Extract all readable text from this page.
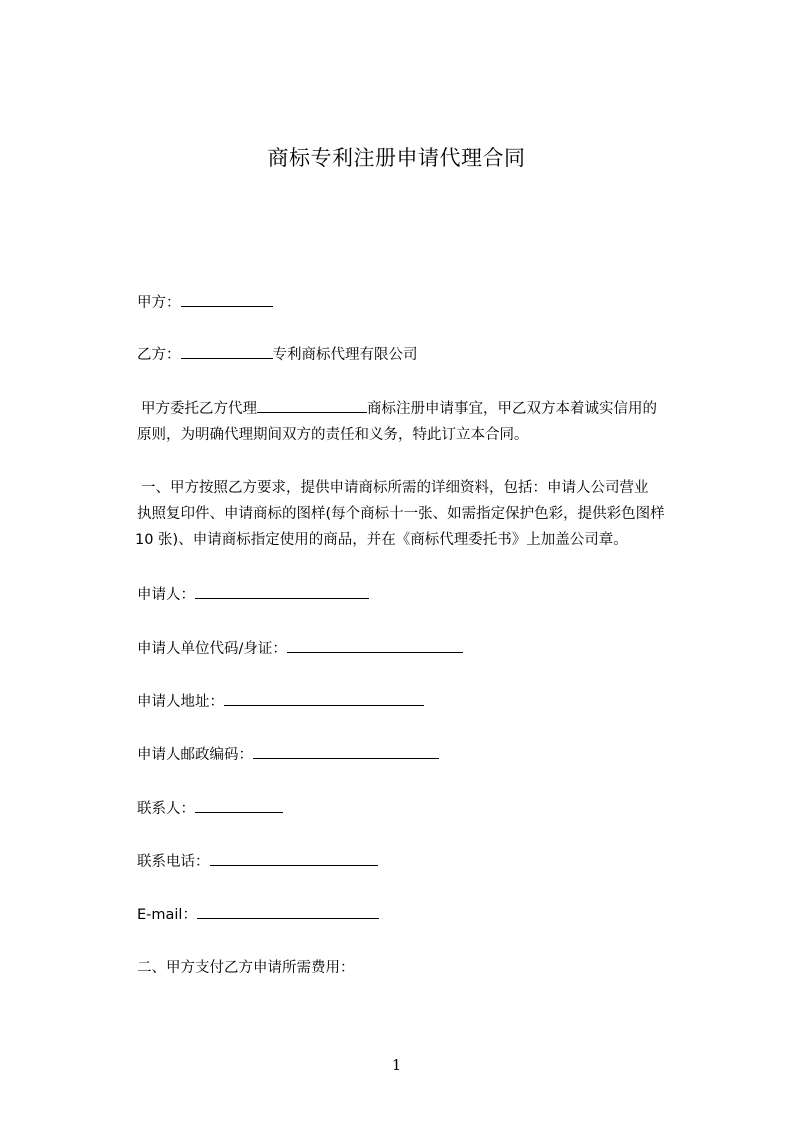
商标专利注册申请代理合同
甲方：
乙方：	专利商标代理有限公司
甲方委托乙方代理	商标注册申请事宜，甲乙双方本着诚实信用的
原则，为明确代理期间双方的责任和义务，特此订立本合同。
一、甲方按照乙方要求，提供申请商标所需的详细资料，包括：申请人公司营业
执照复印件、申请商标的图样(每个商标十一张、如需指定保护色彩，提供彩色图样
10 张)、申请商标指定使用的商品，并在《商标代理委托书》上加盖公司章。
申请人：
申请人单位代码/身证：
申请人地址：
申请人邮政编码：
联系人：
联系电话：
E-mail：
二、甲方支付乙方申请所需费用：
1
